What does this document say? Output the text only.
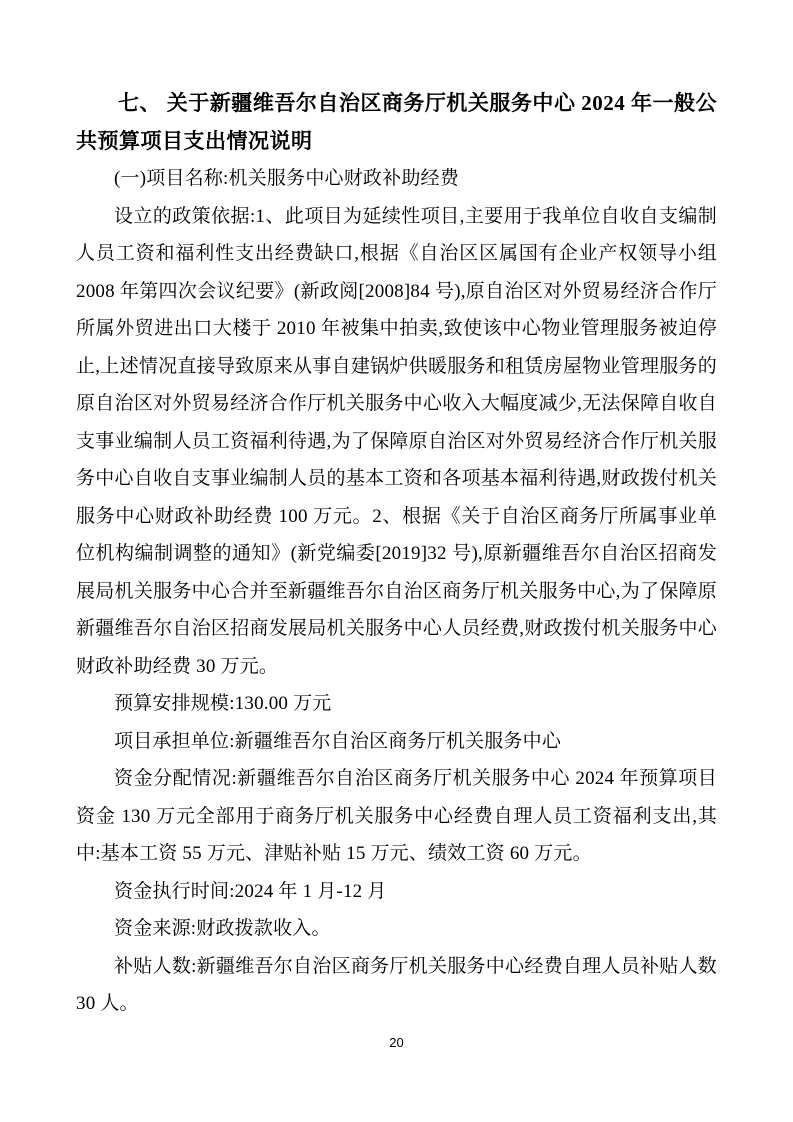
七、 关于新疆维吾尔自治区商务厅机关服务中心 2024 年一般公共预算项目支出情况说明

(一)项目名称:机关服务中心财政补助经费

设立的政策依据:1、此项目为延续性项目,主要用于我单位自收自支编制人员工资和福利性支出经费缺口,根据《自治区区属国有企业产权领导小组 2008 年第四次会议纪要》(新政阅[2008]84 号),原自治区对外贸易经济合作厅所属外贸进出口大楼于 2010 年被集中拍卖,致使该中心物业管理服务被迫停止,上述情况直接导致原来从事自建锅炉供暖服务和租赁房屋物业管理服务的原自治区对外贸易经济合作厅机关服务中心收入大幅度减少,无法保障自收自支事业编制人员工资福利待遇,为了保障原自治区对外贸易经济合作厅机关服务中心自收自支事业编制人员的基本工资和各项基本福利待遇,财政拨付机关服务中心财政补助经费 100 万元。2、根据《关于自治区商务厅所属事业单位机构编制调整的通知》(新党编委[2019]32 号),原新疆维吾尔自治区招商发展局机关服务中心合并至新疆维吾尔自治区商务厅机关服务中心,为了保障原新疆维吾尔自治区招商发展局机关服务中心人员经费,财政拨付机关服务中心财政补助经费 30 万元。

预算安排规模:130.00 万元

项目承担单位:新疆维吾尔自治区商务厅机关服务中心

资金分配情况:新疆维吾尔自治区商务厅机关服务中心 2024 年预算项目资金 130 万元全部用于商务厅机关服务中心经费自理人员工资福利支出,其中:基本工资 55 万元、津贴补贴 15 万元、绩效工资 60 万元。

资金执行时间:2024 年 1 月-12 月

资金来源:财政拨款收入。

补贴人数:新疆维吾尔自治区商务厅机关服务中心经费自理人员补贴人数 30 人。

20
